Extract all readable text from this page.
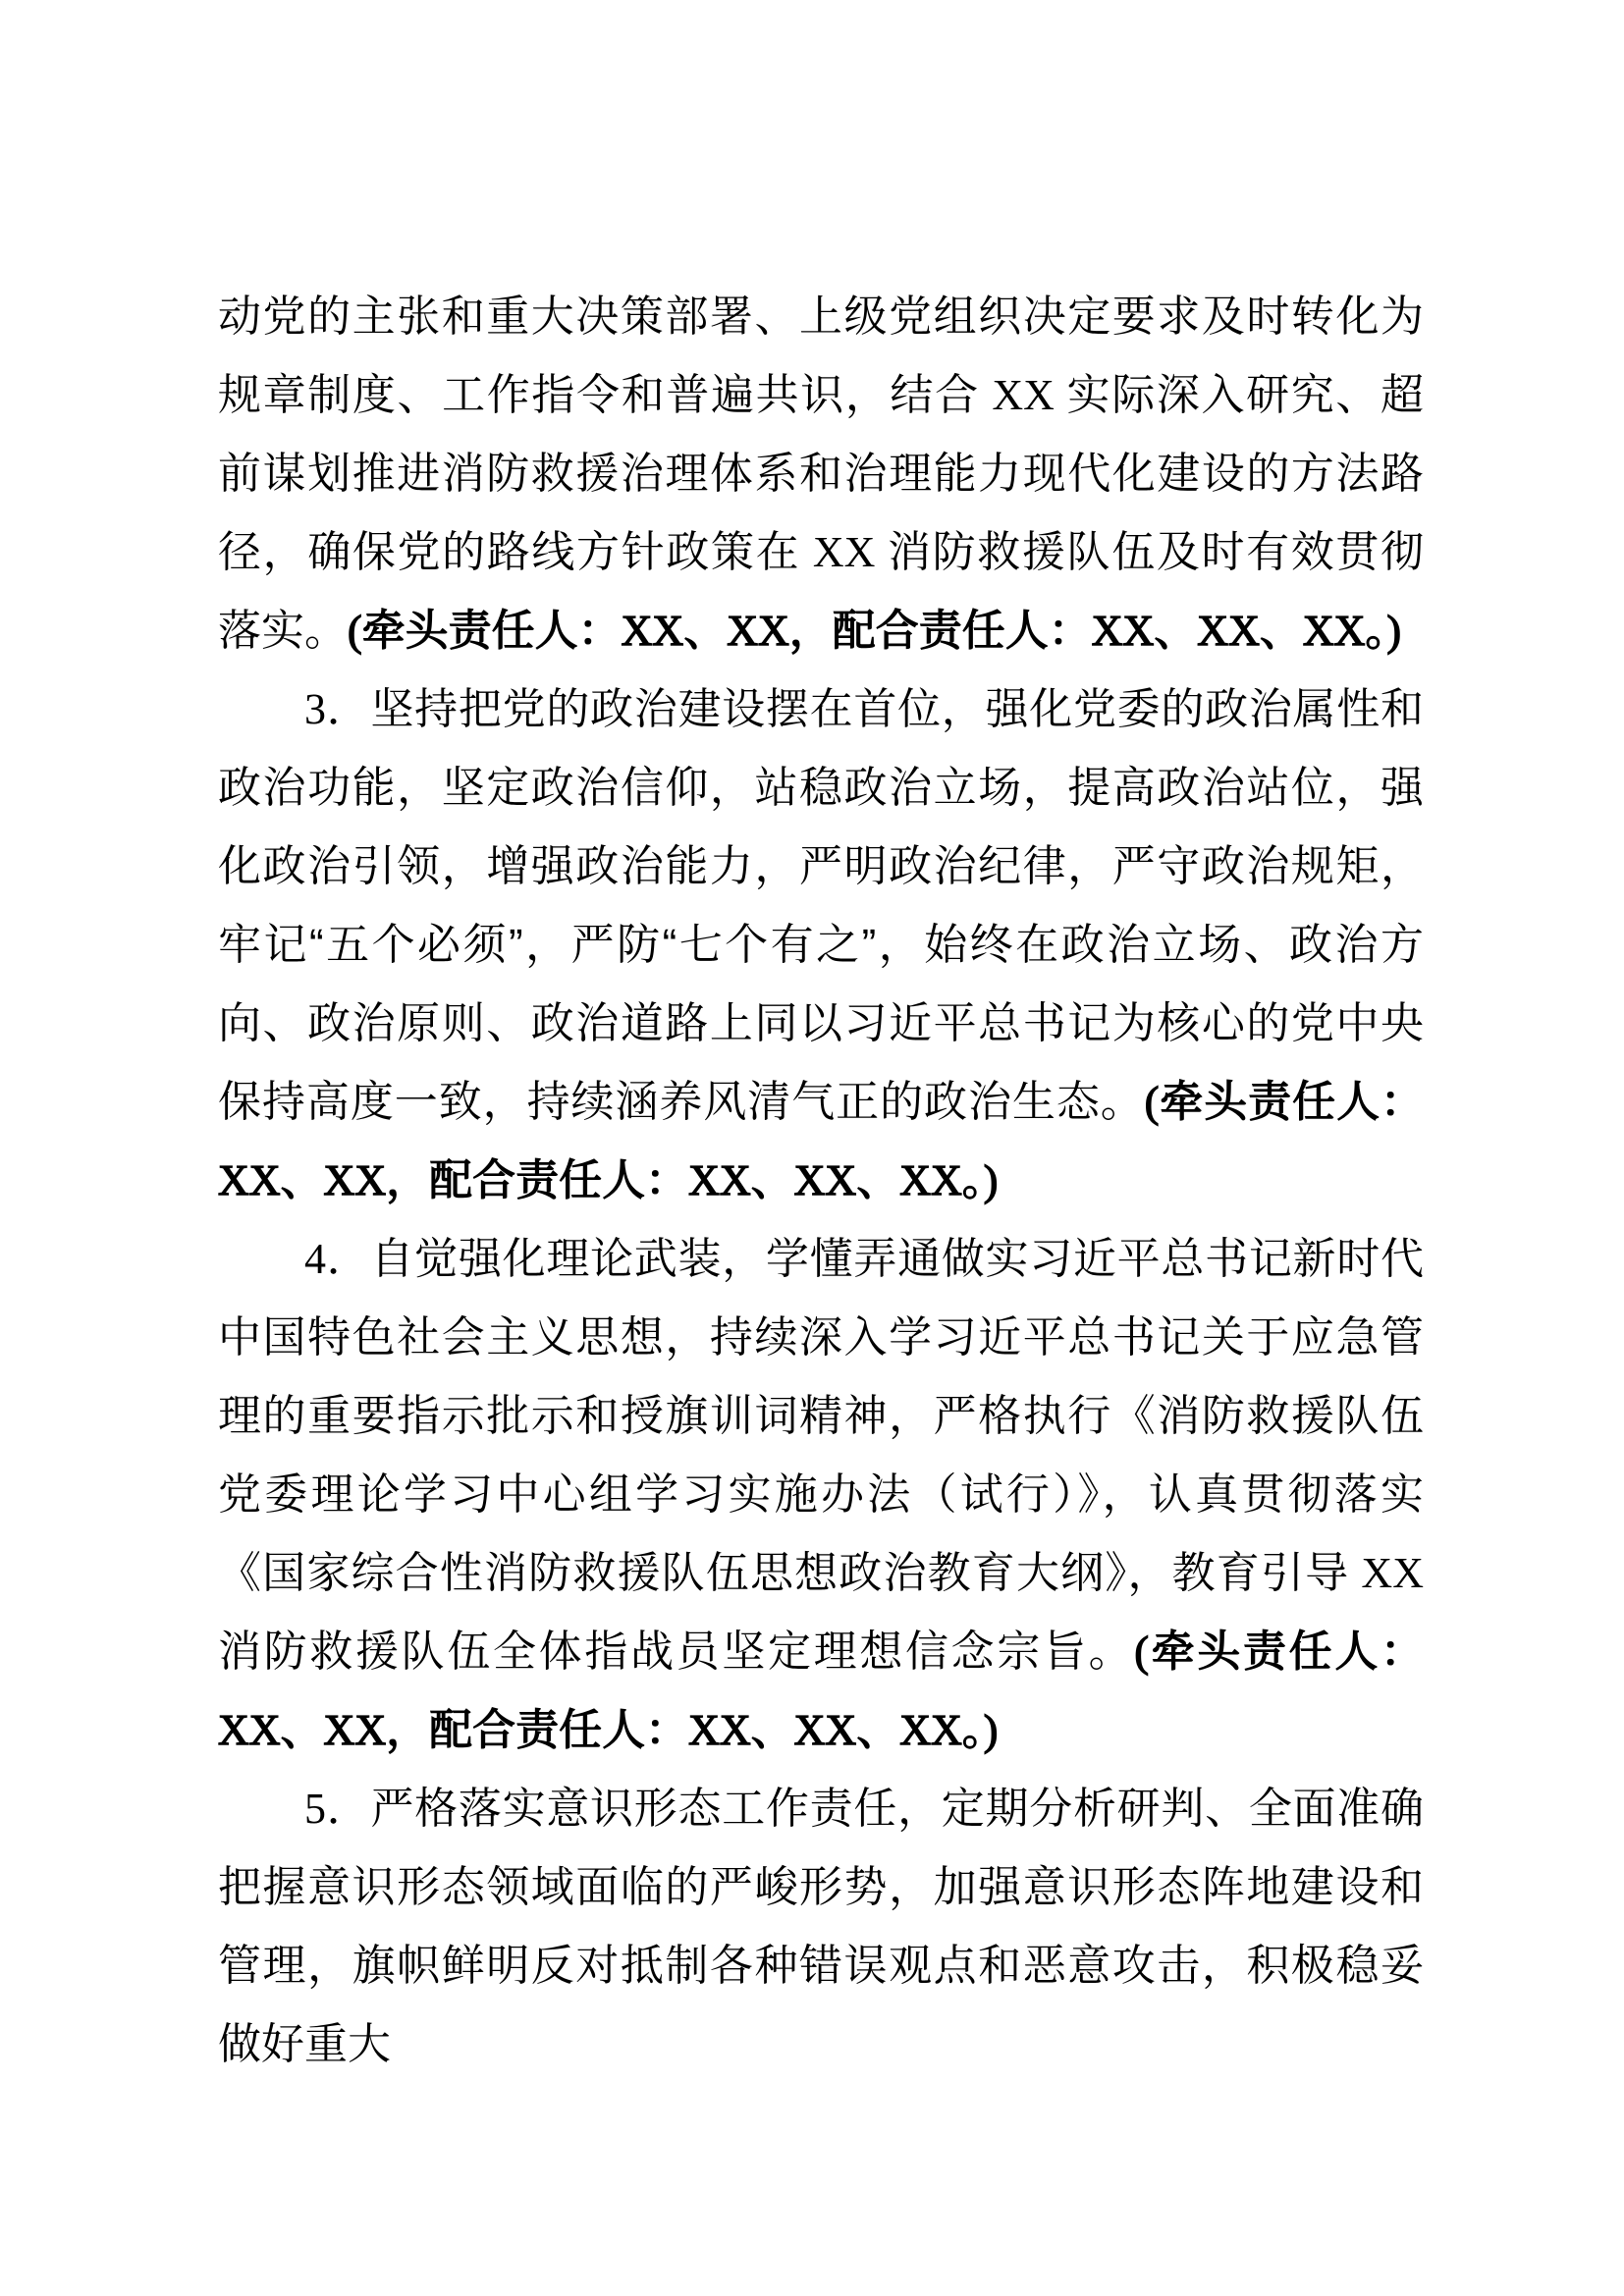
动党的主张和重大决策部署、上级党组织决定要求及时转化为规章制度、工作指令和普遍共识，结合 XX 实际深入研究、超前谋划推进消防救援治理体系和治理能力现代化建设的方法路径，确保党的路线方针政策在 XX 消防救援队伍及时有效贯彻落实。(牵头责任人：XX、XX，配合责任人：XX、XX、XX。)

3．坚持把党的政治建设摆在首位，强化党委的政治属性和政治功能，坚定政治信仰，站稳政治立场，提高政治站位，强化政治引领，增强政治能力，严明政治纪律，严守政治规矩，牢记“五个必须”，严防“七个有之”，始终在政治立场、政治方向、政治原则、政治道路上同以习近平总书记为核心的党中央保持高度一致，持续涵养风清气正的政治生态。(牵头责任人：XX、XX，配合责任人：XX、XX、XX。)

4．自觉强化理论武装，学懂弄通做实习近平总书记新时代中国特色社会主义思想，持续深入学习近平总书记关于应急管理的重要指示批示和授旗训词精神，严格执行《消防救援队伍党委理论学习中心组学习实施办法（试行）》，认真贯彻落实《国家综合性消防救援队伍思想政治教育大纲》，教育引导 XX 消防救援队伍全体指战员坚定理想信念宗旨。(牵头责任人：XX、XX，配合责任人：XX、XX、XX。)

5．严格落实意识形态工作责任，定期分析研判、全面准确把握意识形态领域面临的严峻形势，加强意识形态阵地建设和管理，旗帜鲜明反对抵制各种错误观点和恶意攻击，积极稳妥做好重大
